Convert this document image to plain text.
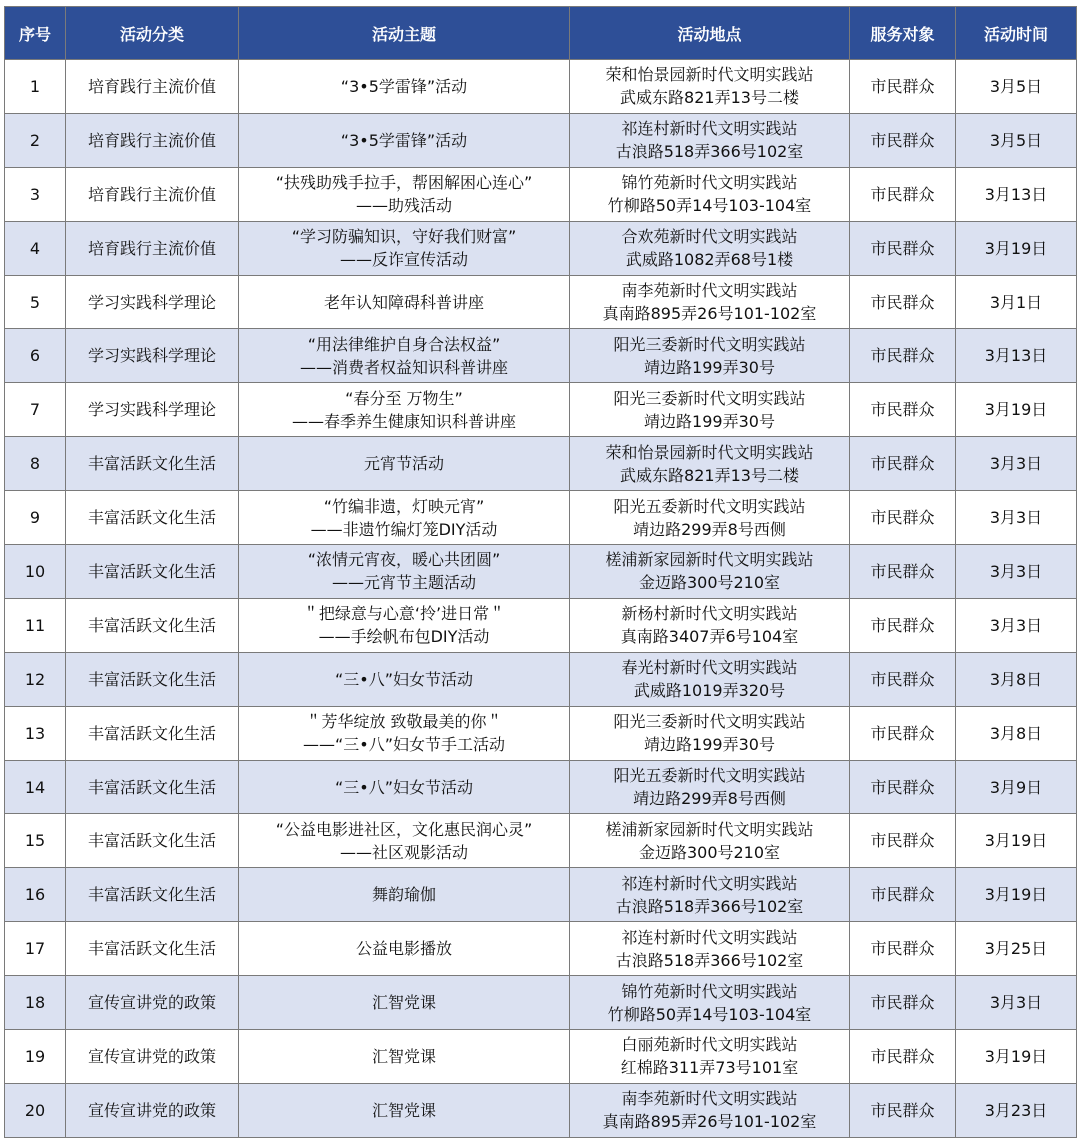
序号	活动分类	活动主题	活动地点	服务对象	活动时间
1	培育践行主流价值	“3•5学雷锋”活动	荣和怡景园新时代文明实践站
武威东路821弄13号二楼	市民群众	3月5日
2	培育践行主流价值	“3•5学雷锋”活动	祁连村新时代文明实践站
古浪路518弄366号102室	市民群众	3月5日
3	培育践行主流价值	“扶残助残手拉手，帮困解困心连心”
——助残活动	锦竹苑新时代文明实践站
竹柳路50弄14号103-104室	市民群众	3月13日
4	培育践行主流价值	“学习防骗知识，守好我们财富”
——反诈宣传活动	合欢苑新时代文明实践站
武威路1082弄68号1楼	市民群众	3月19日
5	学习实践科学理论	老年认知障碍科普讲座	南李苑新时代文明实践站
真南路895弄26号101-102室	市民群众	3月1日
6	学习实践科学理论	“用法律维护自身合法权益”
——消费者权益知识科普讲座	阳光三委新时代文明实践站
靖边路199弄30号	市民群众	3月13日
7	学习实践科学理论	“春分至 万物生”
——春季养生健康知识科普讲座	阳光三委新时代文明实践站
靖边路199弄30号	市民群众	3月19日
8	丰富活跃文化生活	元宵节活动	荣和怡景园新时代文明实践站
武威东路821弄13号二楼	市民群众	3月3日
9	丰富活跃文化生活	“竹编非遗，灯映元宵”
——非遗竹编灯笼DIY活动	阳光五委新时代文明实践站
靖边路299弄8号西侧	市民群众	3月3日
10	丰富活跃文化生活	“浓情元宵夜，暖心共团圆”
——元宵节主题活动	槎浦新家园新时代文明实践站
金迈路300号210室	市民群众	3月3日
11	丰富活跃文化生活	＂把绿意与心意‘拎’进日常＂
——手绘帆布包DIY活动	新杨村新时代文明实践站
真南路3407弄6号104室	市民群众	3月3日
12	丰富活跃文化生活	“三•八”妇女节活动	春光村新时代文明实践站
武威路1019弄320号	市民群众	3月8日
13	丰富活跃文化生活	＂芳华绽放 致敬最美的你＂
——“三•八”妇女节手工活动	阳光三委新时代文明实践站
靖边路199弄30号	市民群众	3月8日
14	丰富活跃文化生活	“三•八”妇女节活动	阳光五委新时代文明实践站
靖边路299弄8号西侧	市民群众	3月9日
15	丰富活跃文化生活	“公益电影进社区，文化惠民润心灵”
——社区观影活动	槎浦新家园新时代文明实践站
金迈路300号210室	市民群众	3月19日
16	丰富活跃文化生活	舞韵瑜伽	祁连村新时代文明实践站
古浪路518弄366号102室	市民群众	3月19日
17	丰富活跃文化生活	公益电影播放	祁连村新时代文明实践站
古浪路518弄366号102室	市民群众	3月25日
18	宣传宣讲党的政策	汇智党课	锦竹苑新时代文明实践站
竹柳路50弄14号103-104室	市民群众	3月3日
19	宣传宣讲党的政策	汇智党课	白丽苑新时代文明实践站
红棉路311弄73号101室	市民群众	3月19日
20	宣传宣讲党的政策	汇智党课	南李苑新时代文明实践站
真南路895弄26号101-102室	市民群众	3月23日
